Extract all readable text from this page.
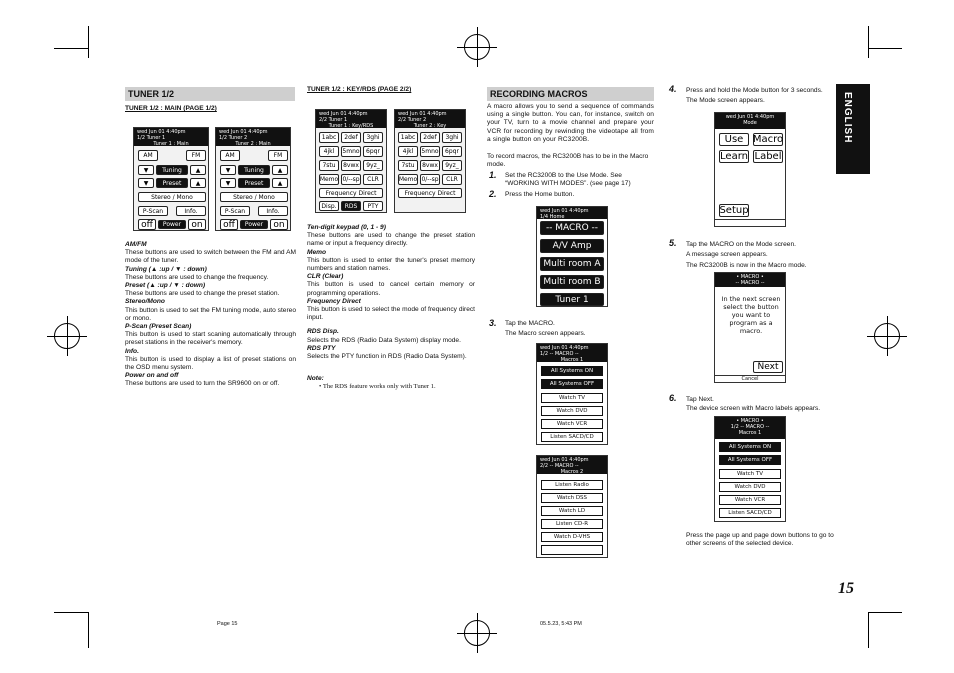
ENGLISH
TUNER 1/2
TUNER 1/2 : MAIN (PAGE 1/2)
wed Jun 01 4:40pm
1/2 Tuner 1
Tuner 1 : Main
AM	FM
▼	Tuning	▲
▼	Preset	▲
Stereo / Mono
P-Scan	Info.
off	Power	on
wed Jun 01 4:40pm
1/2 Tuner 2
Tuner 2 : Main
AM	FM
▼	Tuning	▲
▼	Preset	▲
Stereo / Mono
P-Scan	Info.
off	Power	on
AM/FM
These buttons are used to switch between the FM and AM mode of the tuner.
Tuning (▲ :up / ▼ : down)
These buttons are used to change the frequency.
Preset (▲ :up / ▼ : down)
These buttons are used to change the preset station.
Stereo/Mono
This button is used to set the FM tuning mode, auto stereo or mono.
P-Scan (Preset Scan)
This button is used to start scaning automatically through preset stations in the receiver's memory.
Info.
This button is used to display a list of preset stations on the OSD menu system.
Power on and off
These buttons are used to turn the SR9600 on or off.
TUNER 1/2 : KEY/RDS (PAGE 2/2)
wed Jun 01 4:40pm
2/2 Tuner 1
Tuner 1 : Key/RDS
1abc	2def	3ghi
4jkl	5mno	6pqr
7stu	8vwx	9yz_
Memo 0/--sp	CLR
Frequency Direct
Disp.	RDS	PTY
wed Jun 01 4:40pm
2/2 Tuner 2
Tuner 2 : Key
1abc	2def	3ghi
4jkl	5mno	6pqr
7stu	8vwx	9yz_
Memo 0/--sp	CLR
Frequency Direct
Ten-digit keypad (0, 1 - 9)
These buttons are used to change the preset station name or input a frequency directly.
Memo
This button is used to enter the tuner's preset memory numbers and station names.
CLR (Clear)
This button is used to cancel certain memory or programming operations.
Frequency Direct
This button is used to select the mode of frequency direct input.
RDS Disp.
Selects the RDS (Radio Data System) display mode.
RDS PTY
Selects the PTY function in RDS (Radio Data System).
Note:
• The RDS feature works only with Tuner 1.
RECORDING MACROS
A macro allows you to send a sequence of commands using a single button. You can, for instance, switch on your TV, turn to a movie channel and prepare your VCR for recording by rewinding the videotape all from a single button on your RC3200B.
To record macros, the RC3200B has to be in the Macro mode.
1. Set the RC3200B to the Use Mode. See “WORKING WITH MODES”. (see page 17)
2. Press the Home button.
wed Jun 01 4:40pm
1/4 Home
-- MACRO --
A/V Amp
Multi room A
Multi room B
Tuner 1
3. Tap the MACRO.
The Macro screen appears.
wed Jun 01 4:40pm
1/2 -- MACRO --
Macros 1
All Systems ON
All Systems OFF
Watch TV
Watch DVD
Watch VCR
Listen SACD/CD
wed Jun 01 4:40pm
2/2 -- MACRO --
Macros 2
Listen Radio
Watch DSS
Watch LD
Listen CD-R
Watch D-VHS
4. Press and hold the Mode button for 3 seconds.
The Mode screen appears.
wed Jun 01 4:40pm
Mode
Use Macro
Learn Label
Setup
5. Tap the MACRO on the Mode screen.
A message screen appears.
The RC3200B is now in the Macro mode.
• MACRO •
-- MACRO --
In the next screen select the button you want to program as a macro.
Next
Cancel
6. Tap Next.
The device screen with Macro labels appears.
• MACRO •
1/2 -- MACRO --
Macros 1
All Systems ON
All Systems OFF
Watch TV
Watch DVD
Watch VCR
Listen SACD/CD
Press the page up and page down buttons to go to other screens of the selected device.
15
Page 15	05.5.23, 5:43 PM
